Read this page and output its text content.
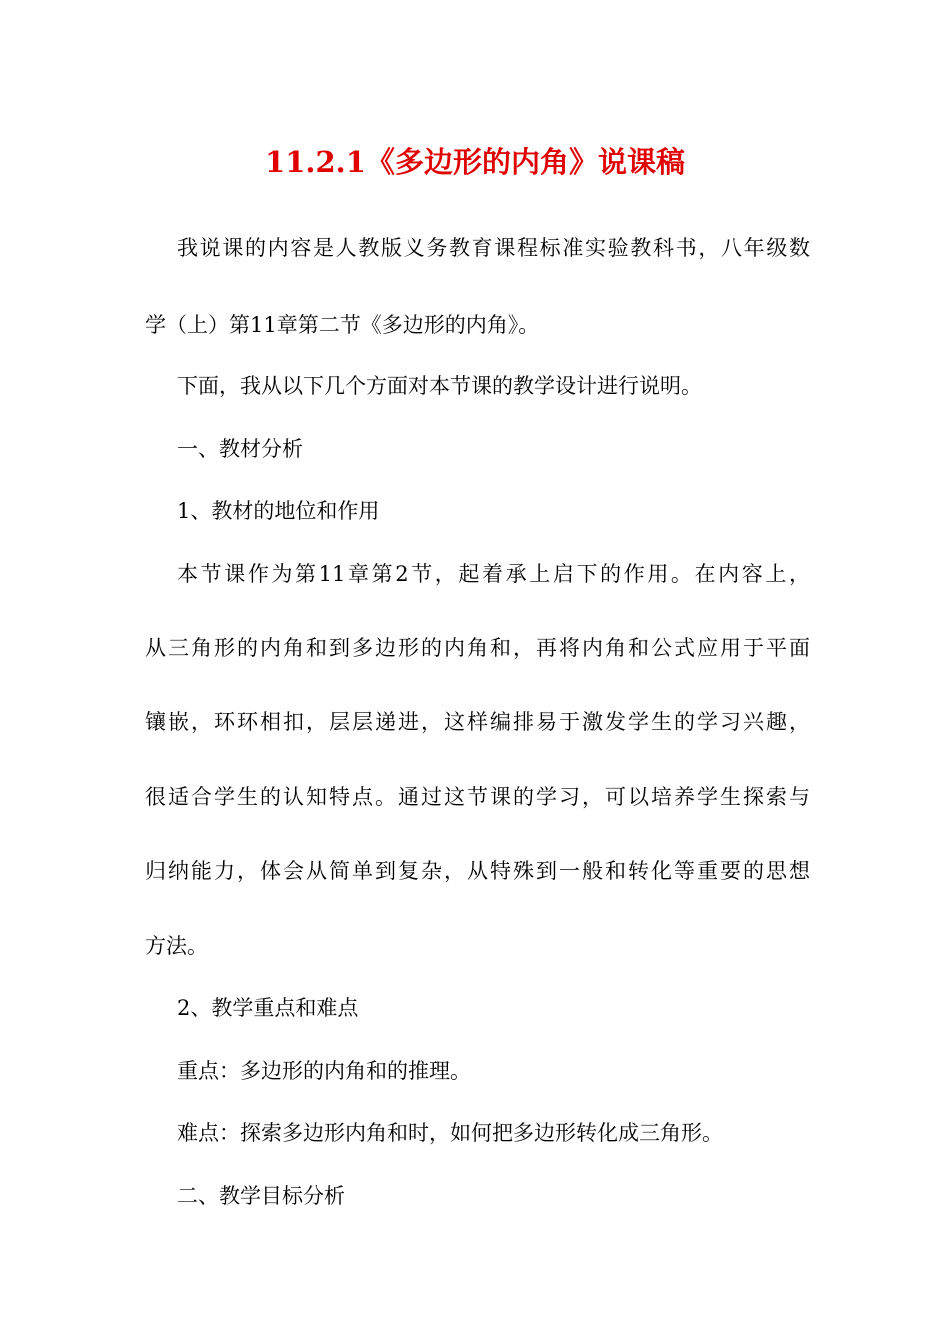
11.2.1《多边形的内角》说课稿
我说课的内容是人教版义务教育课程标准实验教科书，八年级数
学（上）第11章第二节《多边形的内角》。
下面，我从以下几个方面对本节课的教学设计进行说明。
一、教材分析
1、教材的地位和作用
本节课作为第11章第2节，起着承上启下的作用。在内容上，
从三角形的内角和到多边形的内角和，再将内角和公式应用于平面
镶嵌，环环相扣，层层递进，这样编排易于激发学生的学习兴趣，
很适合学生的认知特点。通过这节课的学习，可以培养学生探索与
归纳能力，体会从简单到复杂，从特殊到一般和转化等重要的思想
方法。
2、教学重点和难点
重点：多边形的内角和的推理。
难点：探索多边形内角和时，如何把多边形转化成三角形。
二、教学目标分析
